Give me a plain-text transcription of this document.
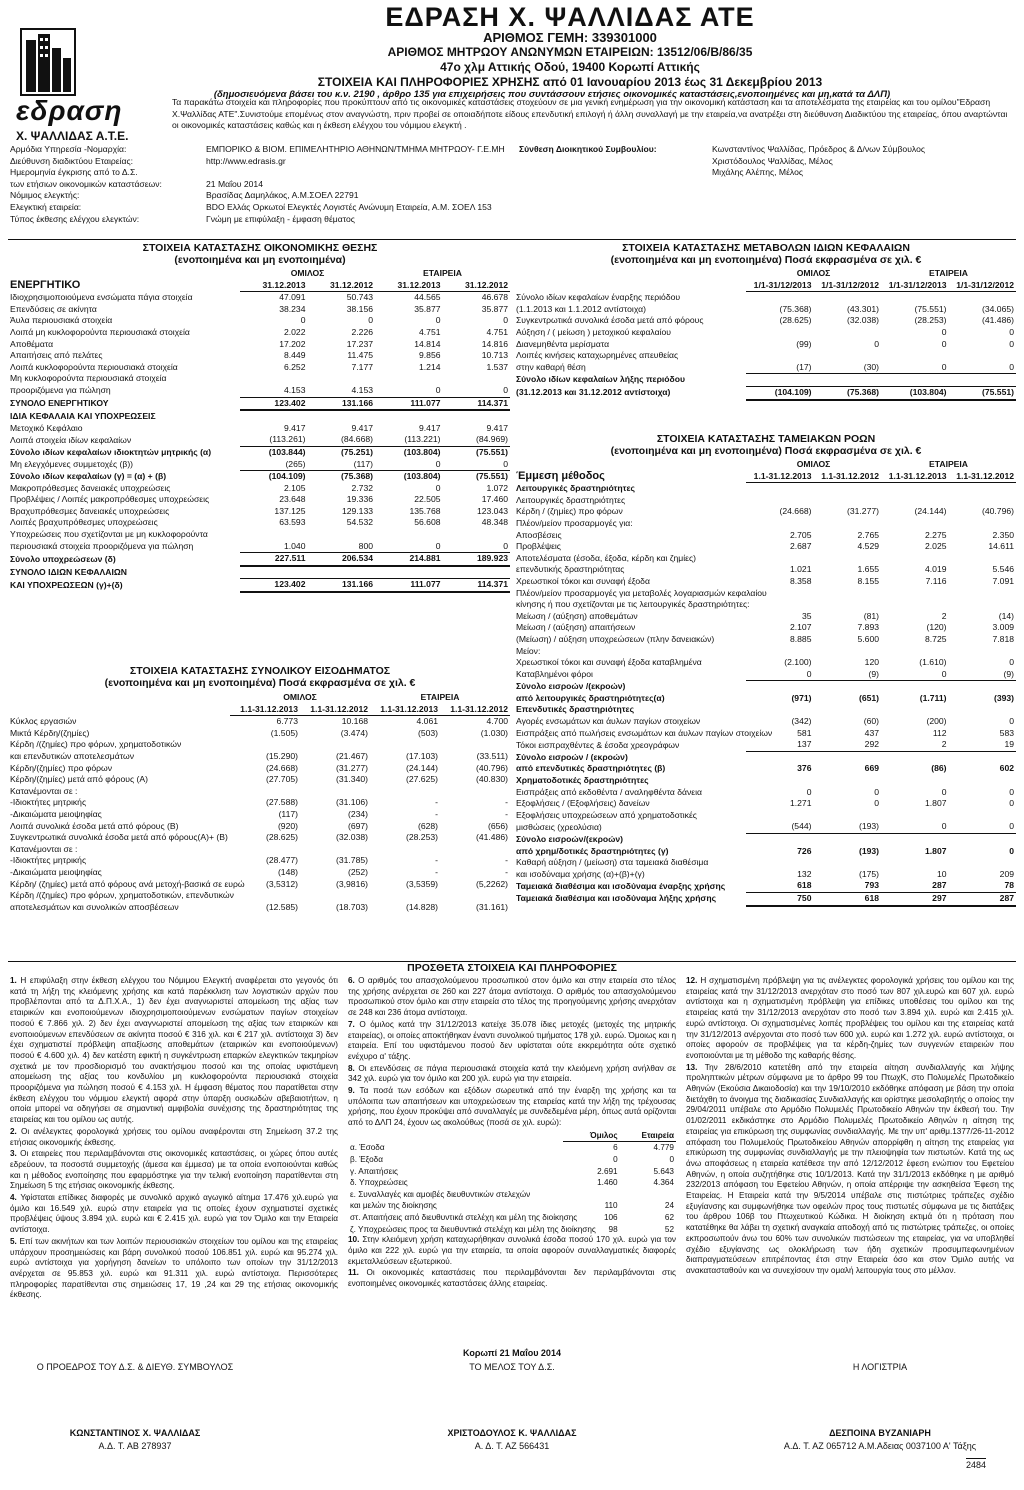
ΕΔΡΑΣΗ Χ. ΨΑΛΛΙΔΑΣ ΑΤΕ
ΑΡΙΘΜΟΣ ΓΕΜΗ: 339301000
ΑΡΙΘΜΟΣ ΜΗΤΡΩΟΥ ΑΝΩΝΥΜΩΝ ΕΤΑΙΡΕΙΩΝ: 13512/06/Β/86/35
47ο χλμ Αττικής Οδού, 19400 Κορωπί Αττικής
ΣΤΟΙΧΕΙΑ ΚΑΙ ΠΛΗΡΟΦΟΡΙΕΣ ΧΡΗΣΗΣ από 01 Ιανουαρίου 2013 έως 31 Δεκεμβρίου 2013
(δημοσιευόμενα βάσει του κ.ν. 2190 , άρθρο 135 για επιχειρήσεις που συντάσσουν ετήσιες οικονομικές καταστάσεις,ενοποιημένες και μη,κατά τα ΔΛΠ)
εδραση
Χ. ΨΑΛΛΙΔΑΣ Α.Τ.Ε.
Τα παρακάτω στοιχεία και πληροφορίες που προκύπτουν από τις οικονομικές καταστάσεις στοχεύουν σε μια γενική ενημέρωση για την οικονομική κατάσταση και τα αποτελέσματα της εταιρείας και του ομίλου"Εδραση Χ.Ψαλλίδας ΑΤΕ".Συνιστούμε επομένως στον αναγνώστη, πριν προβεί σε οποιαδήποτε είδους επενδυτική επιλογή ή άλλη συναλλαγή με την εταιρεία,να ανατρέξει στη διεύθυνση Διαδικτύου της εταιρείας, όπου αναρτώνται οι οικονομικές καταστάσεις καθώς και η έκθεση ελέγχου του νόμιμου ελεγκτή .
Αρμόδια Υπηρεσία -Νομαρχία:	ΕΜΠΟΡΙΚΟ & ΒΙΟΜ. ΕΠΙΜΕΛΗΤΗΡΙΟ ΑΘΗΝΩΝ/ΤΜΗΜΑ ΜΗΤΡΩΟΥ- Γ.Ε.ΜΗ
Διεύθυνση διαδικτύου Εταιρείας:	http://www.edrasis.gr
Ημερομηνία έγκρισης από το Δ.Σ.
των ετήσιων οικονομικών καταστάσεων:	21 Μαΐου 2014
Νόμιμος ελεγκτής:	Βρασίδας Δαμηλάκος, Α.Μ.ΣΟΕΛ 22791
Ελεγκτική εταιρεία:	BDO Ελλάς Ορκωτοί Ελεγκτές Λογιστές Ανώνυμη Εταιρεία, Α.Μ. ΣΟΕΛ 153
Τύπος έκθεσης ελέγχου ελεγκτών:	Γνώμη με επιφύλαξη - έμφαση θέματος
Σύνθεση Διοικητικού Συμβουλίου:	Κωνσταντίνος Ψαλλίδας, Πρόεδρος & Δ/νων Σύμβουλος
Χριστόδουλος Ψαλλίδας, Μέλος
Μιχάλης Αλέπης, Μέλος
ΣΤΟΙΧΕΙΑ ΚΑΤΑΣΤΑΣΗΣ ΟΙΚΟΝΟΜΙΚΗΣ ΘΕΣΗΣ
(ενοποιημένα και μη ενοποιημένα)
	ΟΜΙΛΟΣ		ΕΤΑΙΡΕΙΑ	
ΕΝΕΡΓΗΤΙΚΟ	31.12.2013	31.12.2012	31.12.2013	31.12.2012
Ιδιοχρησιμοποιούμενα ενσώματα πάγια στοιχεία	47.091	50.743	44.565	46.678
Επενδύσεις σε ακίνητα	38.234	38.156	35.877	35.877
Άυλα περιουσιακά στοιχεία	0	0	0	0
Λοιπά μη κυκλοφορούντα περιουσιακά στοιχεία	2.022	2.226	4.751	4.751
Αποθέματα	17.202	17.237	14.814	14.816
Απαιτήσεις από πελάτες	8.449	11.475	9.856	10.713
Λοιπά κυκλοφορούντα περιουσιακά στοιχεία	6.252	7.177	1.214	1.537
Μη κυκλοφορούντα περιουσιακά στοιχεία				
προοριζόμενα για πώληση	4.153	4.153	0	0
ΣΥΝΟΛΟ ΕΝΕΡΓΗΤΙΚΟΥ	123.402	131.166	111.077	114.371
ΙΔΙΑ ΚΕΦΑΛΑΙΑ ΚΑΙ ΥΠΟΧΡΕΩΣΕΙΣ				
Μετοχικό Κεφάλαιο	9.417	9.417	9.417	9.417
Λοιπά στοιχεία ιδίων κεφαλαίων	(113.261)	(84.668)	(113.221)	(84.969)
Σύνολο ιδίων κεφαλαίων ιδιοκτητών μητρικής (α)	(103.844)	(75.251)	(103.804)	(75.551)
Μη ελεγχόμενες συμμετοχές (β))	(265)	(117)	0	0
Σύνολο ιδίων κεφαλαίων (γ) = (α) + (β)	(104.109)	(75.368)	(103.804)	(75.551)
Μακροπρόθεσμες δανειακές υποχρεώσεις	2.105	2.732	0	1.072
Προβλέψεις / Λοιπές μακροπρόθεσμες υποχρεώσεις	23.648	19.336	22.505	17.460
Βραχυπρόθεσμες δανειακές υποχρεώσεις	137.125	129.133	135.768	123.043
Λοιπές βραχυπρόθεσμες υποχρεώσεις	63.593	54.532	56.608	48.348
Υποχρεώσεις που σχετίζονται με μη κυκλοφορούντα				
περιουσιακά στοιχεία προοριζόμενα για πώληση	1.040	800	0	0
Σύνολο υποχρεώσεων (δ)	227.511	206.534	214.881	189.923
ΣΥΝΟΛΟ ΙΔΙΩΝ ΚΕΦΑΛΑΙΩΝ				
ΚΑΙ ΥΠΟΧΡΕΩΣΕΩΝ (γ)+(δ)	123.402	131.166	111.077	114.371
ΣΤΟΙΧΕΙΑ ΚΑΤΑΣΤΑΣΗΣ ΣΥΝΟΛΙΚΟΥ ΕΙΣΟΔΗΜΑΤΟΣ
(ενοποιημένα και μη ενοποιημένα) Ποσά εκφρασμένα σε χιλ. €
	ΟΜΙΛΟΣ		ΕΤΑΙΡΕΙΑ	
	1.1-31.12.2013	1.1-31.12.2012	1.1-31.12.2013	1.1-31.12.2012
Κύκλος εργασιών	6.773	10.168	4.061	4.700
Μικτά Κέρδη/(ζημίες)	(1.505)	(3.474)	(503)	(1.030)
Κέρδη /(ζημίες) προ φόρων, χρηματοδοτικών				
και επενδυτικών αποτελεσμάτων	(15.290)	(21.467)	(17.103)	(33.511)
Κέρδη/(ζημίες) προ φόρων	(24.668)	(31.277)	(24.144)	(40.796)
Κέρδη/(ζημίες) μετά από φόρους (Α)	(27.705)	(31.340)	(27.625)	(40.830)
Κατανέμονται σε :				
-Ιδιοκτήτες μητρικής	(27.588)	(31.106)	-	-
-Δικαιώματα μειοψηφίας	(117)	(234)	-	-
Λοιπά συνολικά έσοδα μετά από φόρους (Β)	(920)	(697)	(628)	(656)
Συγκεντρωτικά συνολικά έσοδα μετά από φόρους(Α)+ (Β)	(28.625)	(32.038)	(28.253)	(41.486)
Κατανέμονται σε :				
-Ιδιοκτήτες μητρικής	(28.477)	(31.785)	-	-
-Δικαιώματα μειοψηφίας	(148)	(252)	-	-
Κέρδη/ (ζημίες) μετά από φόρους ανά μετοχή-βασικά σε ευρώ	(3,5312)	(3,9816)	(3,5359)	(5,2262)
Κέρδη /(ζημίες) προ φόρων, χρηματοδοτικών, επενδυτικών				
αποτελεσμάτων και συνολικών αποσβέσεων	(12.585)	(18.703)	(14.828)	(31.161)
ΣΤΟΙΧΕΙΑ ΚΑΤΑΣΤΑΣΗΣ ΜΕΤΑΒΟΛΩΝ ΙΔΙΩΝ ΚΕΦΑΛΑΙΩΝ
(ενοποιημένα και μη ενοποιημένα) Ποσά εκφρασμένα σε χιλ. €
	ΟΜΙΛΟΣ		ΕΤΑΙΡΕΙΑ	
	1/1-31/12/2013	1/1-31/12/2012	1/1-31/12/2013	1/1-31/12/2012
Σύνολο ιδίων κεφαλαίων έναρξης περιόδου				
(1.1.2013 και 1.1.2012 αντίστοιχα)	(75.368)	(43.301)	(75.551)	(34.065)
Συγκεντρωτικά συνολικά έσοδα μετά από φόρους	(28.625)	(32.038)	(28.253)	(41.486)
Αύξηση / ( μείωση ) μετοχικού κεφαλαίου			0	0
Διανεμηθέντα μερίσματα	(99)	0	0	0
Λοιπές κινήσεις καταχωρημένες απευθείας				
στην καθαρή θέση	(17)	(30)	0	0
Σύνολο ιδίων κεφαλαίων λήξης περιόδου				
(31.12.2013 και 31.12.2012 αντίστοιχα)	(104.109)	(75.368)	(103.804)	(75.551)
ΣΤΟΙΧΕΙΑ ΚΑΤΑΣΤΑΣΗΣ ΤΑΜΕΙΑΚΩΝ ΡΟΩΝ
(ενοποιημένα και μη ενοποιημένα) Ποσά εκφρασμένα σε χιλ. €
	ΟΜΙΛΟΣ		ΕΤΑΙΡΕΙΑ	
Έμμεση μέθοδος	1.1-31.12.2013	1.1-31.12.2012	1.1-31.12.2013	1.1-31.12.2012
Λειτουργικές δραστηριότητες				
Λειτουργικές δραστηριότητες				
Κέρδη / (ζημίες) προ φόρων	(24.668)	(31.277)	(24.144)	(40.796)
Πλέον/μείον προσαρμογές για:				
Αποσβέσεις	2.705	2.765	2.275	2.350
Προβλέψεις	2.687	4.529	2.025	14.611
Αποτελέσματα (έσοδα, έξοδα, κέρδη και ζημίες)				
επενδυτικής δραστηριότητας	1.021	1.655	4.019	5.546
Χρεωστικοί τόκοι και συναφή έξοδα	8.358	8.155	7.116	7.091
Πλέον/μείον προσαρμογές για μεταβολές λογαριασμών κεφαλαίου				
κίνησης ή που σχετίζονται με τις λειτουργικές δραστηριότητες:				
Μείωση / (αύξηση) αποθεμάτων	35	(81)	2	(14)
Μείωση / (αύξηση) απαιτήσεων	2.107	7.893	(120)	3.009
(Μείωση) / αύξηση υποχρεώσεων (πλην δανειακών)	8.885	5.600	8.725	7.818
Μείον:				
Χρεωστικοί τόκοι και συναφή έξοδα καταβλημένα	(2.100)	120	(1.610)	0
Καταβλημένοι φόροι	0	(9)	0	(9)
Σύνολο εισροών /(εκροών)				
από λειτουργικές δραστηριότητες(α)	(971)	(651)	(1.711)	(393)
Επενδυτικές δραστηριότητες				
Αγορές ενσωμάτων και άυλων παγίων στοιχείων	(342)	(60)	(200)	0
Εισπράξεις από πωλήσεις ενσωμάτων και άυλων παγίων στοιχείων	581	437	112	583
Τόκοι εισπραχθέντες & έσοδα χρεογράφων	137	292	2	19
Σύνολο εισροών / (εκροών)				
από επενδυτικές δραστηριότητες (β)	376	669	(86)	602
Χρηματοδοτικές δραστηριότητες				
Εισπράξεις από εκδοθέντα / αναληφθέντα δάνεια	0	0	0	0
Εξοφλήσεις / (Εξοφλήσεις) δανείων	1.271	0	1.807	0
Εξοφλήσεις υποχρεώσεων από χρηματοδοτικές				
μισθώσεις (χρεολύσια)	(544)	(193)	0	0
Σύνολο εισροών/(εκροών)				
από χρημ/δοτικές δραστηριότητες (γ)	726	(193)	1.807	0
Καθαρή αύξηση / (μείωση) στα ταμειακά διαθέσιμα				
και ισοδύναμα χρήσης (α)+(β)+(γ)	132	(175)	10	209
Ταμειακά διαθέσιμα και ισοδύναμα έναρξης χρήσης	618	793	287	78
Ταμειακά διαθέσιμα και ισοδύναμα λήξης χρήσης	750	618	297	287
ΠΡΟΣΘΕΤΑ ΣΤΟΙΧΕΙΑ ΚΑΙ ΠΛΗΡΟΦΟΡΙΕΣ

1. Η επιφύλαξη στην έκθεση ελέγχου του Νόμιμου Ελεγκτή αναφέρεται στο γεγονός ότι κατά τη λήξη της κλειόμενης χρήσης και κατά παρέκκλιση των λογιστικών αρχών που προβλέπονται από τα Δ.Π.Χ.Α., 1) δεν έχει αναγνωριστεί απομείωση της αξίας των εταιρικών και ενοποιούμενων ιδιοχρησιμοποιούμενων ενσώματων παγίων στοιχείων ποσού € 7.866 χιλ. 2) δεν έχει αναγνωριστεί απομείωση της αξίας των εταιρικών και ενοποιούμενων επενδύσεων σε ακίνητα ποσού € 316 χιλ. και € 217 χιλ. αντίστοιχα 3) δεν έχει σχηματιστεί πρόβλεψη απαξίωσης αποθεμάτων (εταιρικών και ενοποιούμενων) ποσού € 4.600 χιλ. 4) δεν κατέστη εφικτή η συγκέντρωση επαρκών ελεγκτικών τεκμηρίων σχετικά με τον προσδιορισμό του ανακτήσιμου ποσού και της οποίας υφιστάμενη απομείωση της αξίας του κονδυλίου μη κυκλοφορούντα περιουσιακά στοιχεία προοριζόμενα για πώληση ποσού € 4.153 χιλ. Η έμφαση θέματος που παρατίθεται στην έκθεση ελέγχου του νόμιμου ελεγκτή αφορά στην ύπαρξη ουσιωδών αβεβαιοτήτων, η οποία μπορεί να οδηγήσει σε σημαντική αμφιβολία συνέχισης της δραστηριότητας της εταιρείας και του ομίλου ως αυτής.

2. Οι ανέλεγκτες φορολογικά χρήσεις του ομίλου αναφέρονται στη Σημείωση 37.2 της ετήσιας οικονομικής έκθεσης.

3. Οι εταιρείες που περιλαμβάνονται στις οικονομικές καταστάσεις, οι χώρες όπου αυτές εδρεύουν, τα ποσοστά συμμετοχής (άμεσα και έμμεσα) με τα οποία ενοποιούνται καθώς και η μέθοδος ενοποίησης που εφαρμόστηκε για την τελική ενοποίηση παρατίθενται στη Σημείωση 5 της ετήσιας οικονομικής έκθεσης.

4. Υφίσταται επίδικες διαφορές με συνολικό αρχικό αγωγικό αίτημα 17.476 χιλ.ευρώ για όμιλο και 16.549 χιλ. ευρώ στην εταιρεία για τις οποίες έχουν σχηματιστεί σχετικές προβλέψεις ύψους 3.894 χιλ. ευρώ και € 2.415 χιλ. ευρώ για τον Όμιλο και την Εταιρεία αντίστοιχα.

5. Επί των ακινήτων και των λοιπών περιουσιακών στοιχείων του ομίλου και της εταιρείας υπάρχουν προσημειώσεις και βάρη συνολικού ποσού 106.851 χιλ. ευρώ και 95.274 χιλ. ευρώ αντίστοιχα για χορήγηση δανείων το υπόλοιπο των οποίων την 31/12/2013 ανέρχεται σε 95.853 χιλ. ευρώ και 91.311 χιλ. ευρώ αντίστοιχα. Περισσότερες πληροφορίες παρατίθενται στις σημειώσεις 17, 19 ,24 και 29 της ετήσιας οικονομικής έκθεσης.

6. Ο αριθμός του απασχολούμενου προσωπικού στον όμιλο και στην εταιρεία στο τέλος της χρήσης ανέρχεται σε 260 και 227 άτομα αντίστοιχα. Ο αριθμός του απασχολούμενου προσωπικού στον όμιλο και στην εταιρεία στο τέλος της προηγούμενης χρήσης ανερχόταν σε 248 και 236 άτομα αντίστοιχα.

7. Ο όμιλος κατά την 31/12/2013 κατείχε 35.078 ίδιες μετοχές (μετοχές της μητρικής εταιρείας), οι οποίες αποκτήθηκαν έναντι συνολικού τιμήματος 178 χιλ. ευρώ. Όμοιως και η εταιρεία. Επί του υφιστάμενου ποσού δεν υφίσταται ούτε εκκρεμότητα ούτε σχετικό ενέχυρο α' τάξης.

8. Οι επενδύσεις σε πάγια περιουσιακά στοιχεία κατά την κλειόμενη χρήση ανήλθαν σε 342 χιλ. ευρώ για τον όμιλο και 200 χιλ. ευρώ για την εταιρεία.

9. Τα ποσά των εσόδων και εξόδων σωρευτικά από την έναρξη της χρήσης και τα υπόλοιπα των απαιτήσεων και υποχρεώσεων της εταιρείας κατά την λήξη της τρέχουσας χρήσης, που έχουν προκύψει από συναλλαγές με συνδεδεμένα μέρη, όπως αυτά ορίζονται από το ΔΛΠ 24, έχουν ως ακολούθως (ποσά σε χιλ. ευρώ):

	Όμιλος	Εταιρεία
α. Έσοδα	6	4.779
β. Έξοδα	0	0
γ. Απαιτήσεις	2.691	5.643
δ. Υποχρεώσεις	1.460	4.364
ε. Συναλλαγές και αμοιβές διευθυντικών στελεχών		
και μελών της διοίκησης	110	24
στ. Απαιτήσεις από διευθυντικά στελέχη και μέλη της διοίκησης	106	62
ζ. Υποχρεώσεις προς τα διευθυντικά στελέχη και μέλη της διοίκησης	98	52

10. Στην κλειόμενη χρήση καταχωρήθηκαν συνολικά έσοδα ποσού 170 χιλ. ευρώ για τον όμιλο και 222 χιλ. ευρώ για την εταιρεία, τα οποία αφορούν συναλλαγματικές διαφορές εκμεταλλεύσεων εξωτερικού.

11. Οι οικονομικές καταστάσεις που περιλαμβάνονται δεν περιλαμβάνονται στις ενοποιημένες οικονομικές καταστάσεις άλλης εταιρείας.

12. Η σχηματισμένη πρόβλεψη για τις ανέλεγκτες φορολογικά χρήσεις του ομίλου και της εταιρείας κατά την 31/12/2013 ανερχόταν στο ποσό των 807 χιλ.ευρώ και 607 χιλ. ευρώ αντίστοιχα και η σχηματισμένη πρόβλεψη για επίδικες υποθέσεις του ομίλου και της εταιρείας κατά την 31/12/2013 ανερχόταν στο ποσό των 3.894 χιλ. ευρώ και 2.415 χιλ. ευρώ αντίστοιχα. Οι σχηματισμένες λοιπές προβλέψεις του ομίλου και της εταιρείας κατά την 31/12/2013 ανέρχονται στο ποσό των 600 χιλ. ευρώ και 1.272 χιλ. ευρώ αντίστοιχα, οι οποίες αφορούν σε προβλέψεις για τα κέρδη-ζημίες των συγγενών εταιρειών που ενοποιούνται με τη μέθοδο της καθαρής θέσης.

13. Την 28/6/2010 κατετέθη από την εταιρεία αίτηση συνδιαλλαγής και λήψης προληπτικών μέτρων σύμφωνα με το άρθρο 99 του ΠτωχΚ, στο Πολυμελές Πρωτοδικείο Αθηνών (Εκούσια Δικαιοδοσία) και την 19/10/2010 εκδόθηκε απόφαση με βάση την οποία διετάχθη το άνοιγμα της διαδικασίας Συνδιαλλαγής και ορίστηκε μεσολαβητής ο οποίος την 29/04/2011 υπέβαλε στο Αρμόδιο Πολυμελές Πρωτοδικείο Αθηνών την έκθεσή του. Την 01/02/2011 εκδικάστηκε στο Αρμόδιο Πολυμελές Πρωτοδικείο Αθηνών η αίτηση της εταιρείας για επικύρωση της συμφωνίας συνδιαλλαγής. Με την υπ' αριθμ.1377/26-11-2012 απόφαση του Πολυμελούς Πρωτοδικείου Αθηνών απορρίφθη η αίτηση της εταιρείας για επικύρωση της συμφωνίας συνδιαλλαγής με την πλειοψηφία των πιστωτών. Κατά της ως άνω αποφάσεως η εταιρεία κατέθεσε την από 12/12/2012 έφεση ενώπιον του Εφετείου Αθηνών, η οποία συζητήθηκε στις 10/1/2013. Κατά την 31/1/2013 εκδόθηκε η με αριθμό 232/2013 απόφαση του Εφετείου Αθηνών, η οποία απέρριψε την ασκηθείσα Έφεση της Εταιρείας. Η Εταιρεία κατά την 9/5/2014 υπέβαλε στις πιστώτριες τράπεζες σχέδιο εξυγίανσης και συμφωνήθηκε των οφειλών προς τους πιστωτές σύμφωνα με τις διατάξεις του άρθρου 106β του Πτωχευτικού Κώδικα. Η διοίκηση εκτιμά ότι η πρόταση που κατατέθηκε θα λάβει τη σχετική αναγκαία αποδοχή από τις πιστώτριες τράπεζες, οι οποίες εκπροσωπούν άνω του 60% των συνολικών πιστώσεων της εταιρείας, για να υποβληθεί σχέδιο εξυγίανσης ως ολοκλήρωση των ήδη σχετικών προσυμπεφωνημένων διαπραγματεύσεων επιτρέποντας έτσι στην Εταιρεία όσο και στον Όμιλο αυτής να ανακατασταθούν και να συνεχίσουν την ομαλή λειτουργία τους στο μέλλον.

Κορωπί 21 Μαΐου 2014
Ο ΠΡΟΕΔΡΟΣ ΤΟΥ Δ.Σ. & ΔΙΕΥΘ. ΣΥΜΒΟΥΛΟΣ	ΤΟ ΜΕΛΟΣ ΤΟΥ Δ.Σ.	Η ΛΟΓΙΣΤΡΙΑ
ΚΩΝΣΤΑΝΤΙΝΟΣ Χ. ΨΑΛΛΙΔΑΣ	ΧΡΙΣΤΟΔΟΥΛΟΣ Κ. ΨΑΛΛΙΔΑΣ	ΔΕΣΠΟΙΝΑ ΒΥΖΑΝΙΑΡΗ
Α.Δ. Τ. ΑΒ 278937	Α. Δ. Τ. ΑΖ 566431	Α.Δ. Τ. ΑΖ 065712 Α.Μ.Αδειας 0037100 Α' Τάξης
2484
